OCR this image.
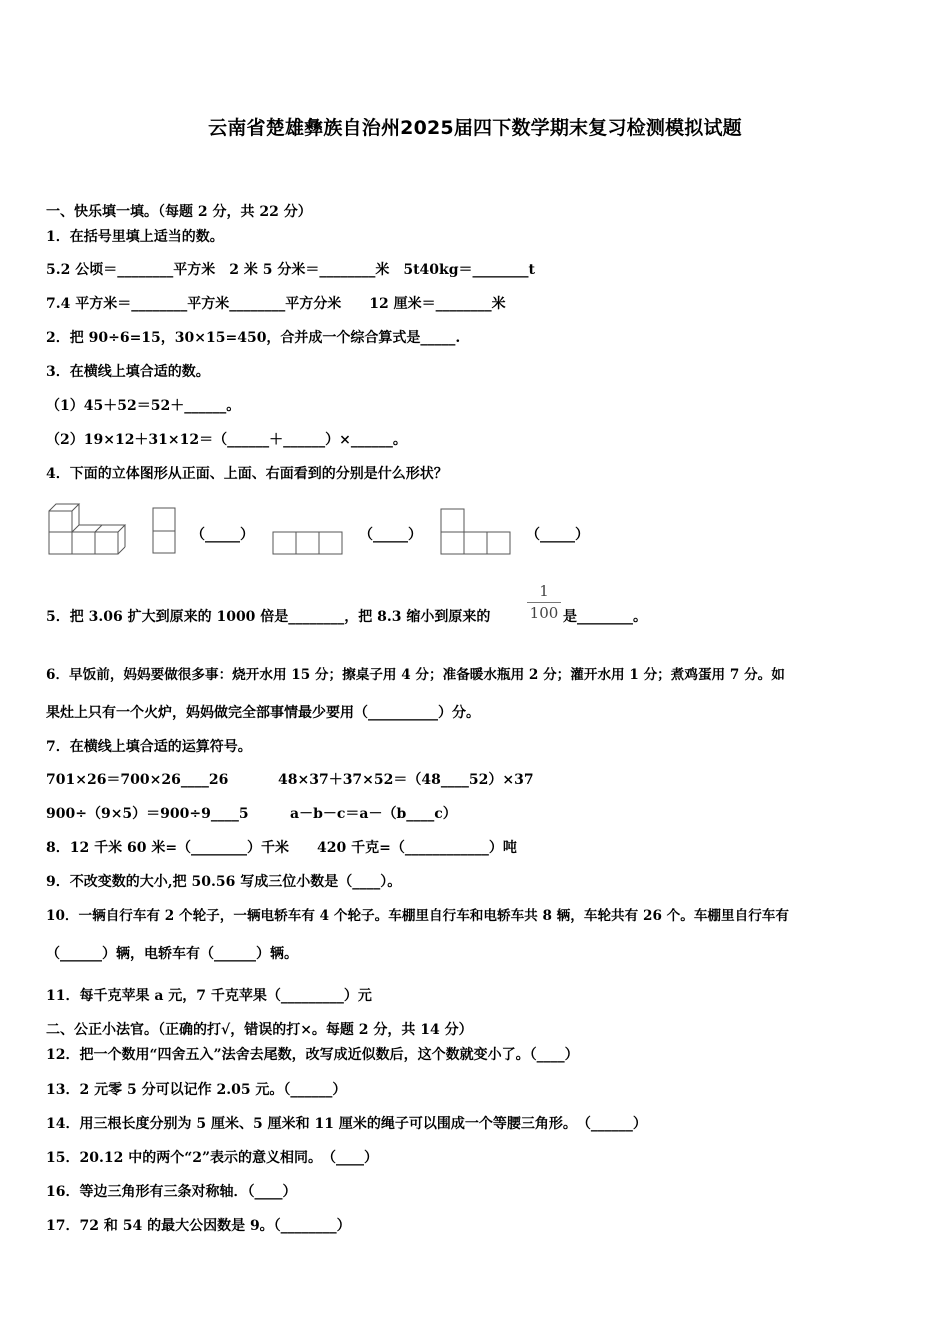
云南省楚雄彝族自治州2025届四下数学期末复习检测模拟试题
一、快乐填一填。（每题 2 分，共 22 分）
1．在括号里填上适当的数。
5.2 公顷＝________平方米　2 米 5 分米＝________米　5t40kg＝________t
7.4 平方米＝________平方米________平方分米　　12 厘米＝________米
2．把 90÷6=15，30×15=450，合并成一个综合算式是_____.
3．在横线上填合适的数。
（1）45＋52＝52＋______。
（2）19×12＋31×12＝（______＋______）×______。
4．下面的立体图形从正面、上面、右面看到的分别是什么形状？
（_____）	（_____）	（_____）
5．把 3.06 扩大到原来的 1000 倍是________，把 8.3 缩小到原来的
1
100 是________。
6．早饭前，妈妈要做很多事：烧开水用 15 分；擦桌子用 4 分；准备暖水瓶用 2 分；灌开水用 1 分；煮鸡蛋用 7 分。如
果灶上只有一个火炉，妈妈做完全部事情最少要用（__________）分。
7．在横线上填合适的运算符号。
701×26＝700×26____26	48×37＋37×52＝（48____52）×37
900÷（9×5）＝900÷9____5	a－b－c＝a－（b____c）
8．12 千米 60 米=（________）千米　　420 千克=（____________）吨
9．不改变数的大小,把 50.56 写成三位小数是（____）。
10．一辆自行车有 2 个轮子，一辆电轿车有 4 个轮子。车棚里自行车和电轿车共 8 辆，车轮共有 26 个。车棚里自行车有
（______）辆，电轿车有（______）辆。
11．每千克苹果 a 元，7 千克苹果（_________）元
二、公正小法官。（正确的打√，错误的打×。每题 2 分，共 14 分）
12．把一个数用“四舍五入”法舍去尾数，改写成近似数后，这个数就变小了。（____）
13．2 元零 5 分可以记作 2.05 元。（______）
14．用三根长度分别为 5 厘米、5 厘米和 11 厘米的绳子可以围成一个等腰三角形。　（______）
15．20.12 中的两个“2”表示的意义相同。　（____）
16．等边三角形有三条对称轴．（____）
17．72 和 54 的最大公因数是 9。（________）
